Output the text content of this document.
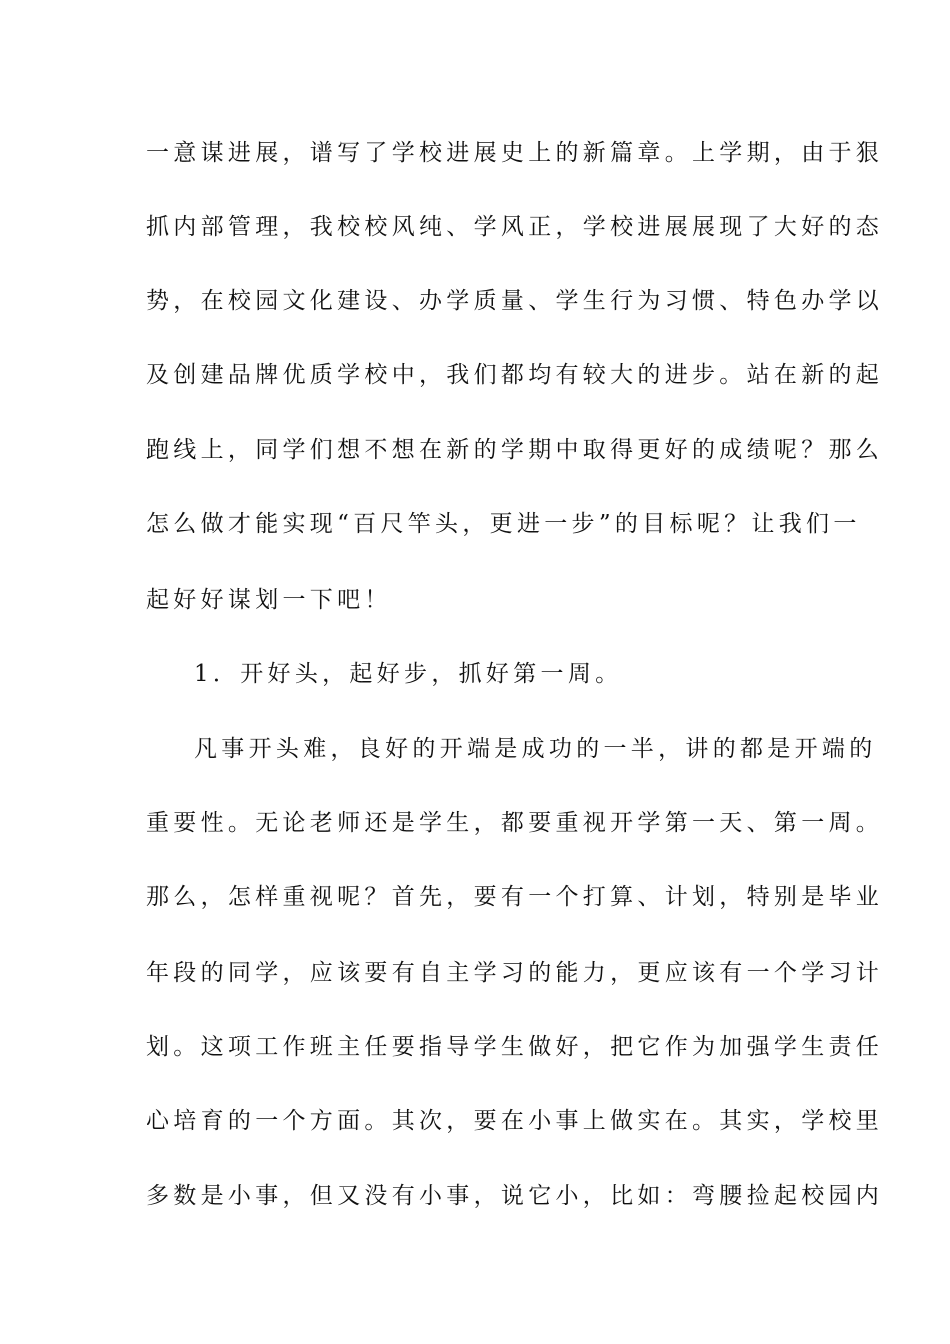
一意谋进展，谱写了学校进展史上的新篇章。上学期，由于狠
抓内部管理，我校校风纯、学风正，学校进展展现了大好的态
势，在校园文化建设、办学质量、学生行为习惯、特色办学以
及创建品牌优质学校中，我们都均有较大的进步。站在新的起
跑线上，同学们想不想在新的学期中取得更好的成绩呢？那么
怎么做才能实现“百尺竿头，更进一步”的目标呢？让我们一
起好好谋划一下吧！
1．开好头，起好步，抓好第一周。
凡事开头难，良好的开端是成功的一半，讲的都是开端的
重要性。无论老师还是学生，都要重视开学第一天、第一周。
那么，怎样重视呢？首先，要有一个打算、计划，特别是毕业
年段的同学，应该要有自主学习的能力，更应该有一个学习计
划。这项工作班主任要指导学生做好，把它作为加强学生责任
心培育的一个方面。其次，要在小事上做实在。其实，学校里
多数是小事，但又没有小事，说它小，比如：弯腰捡起校园内
